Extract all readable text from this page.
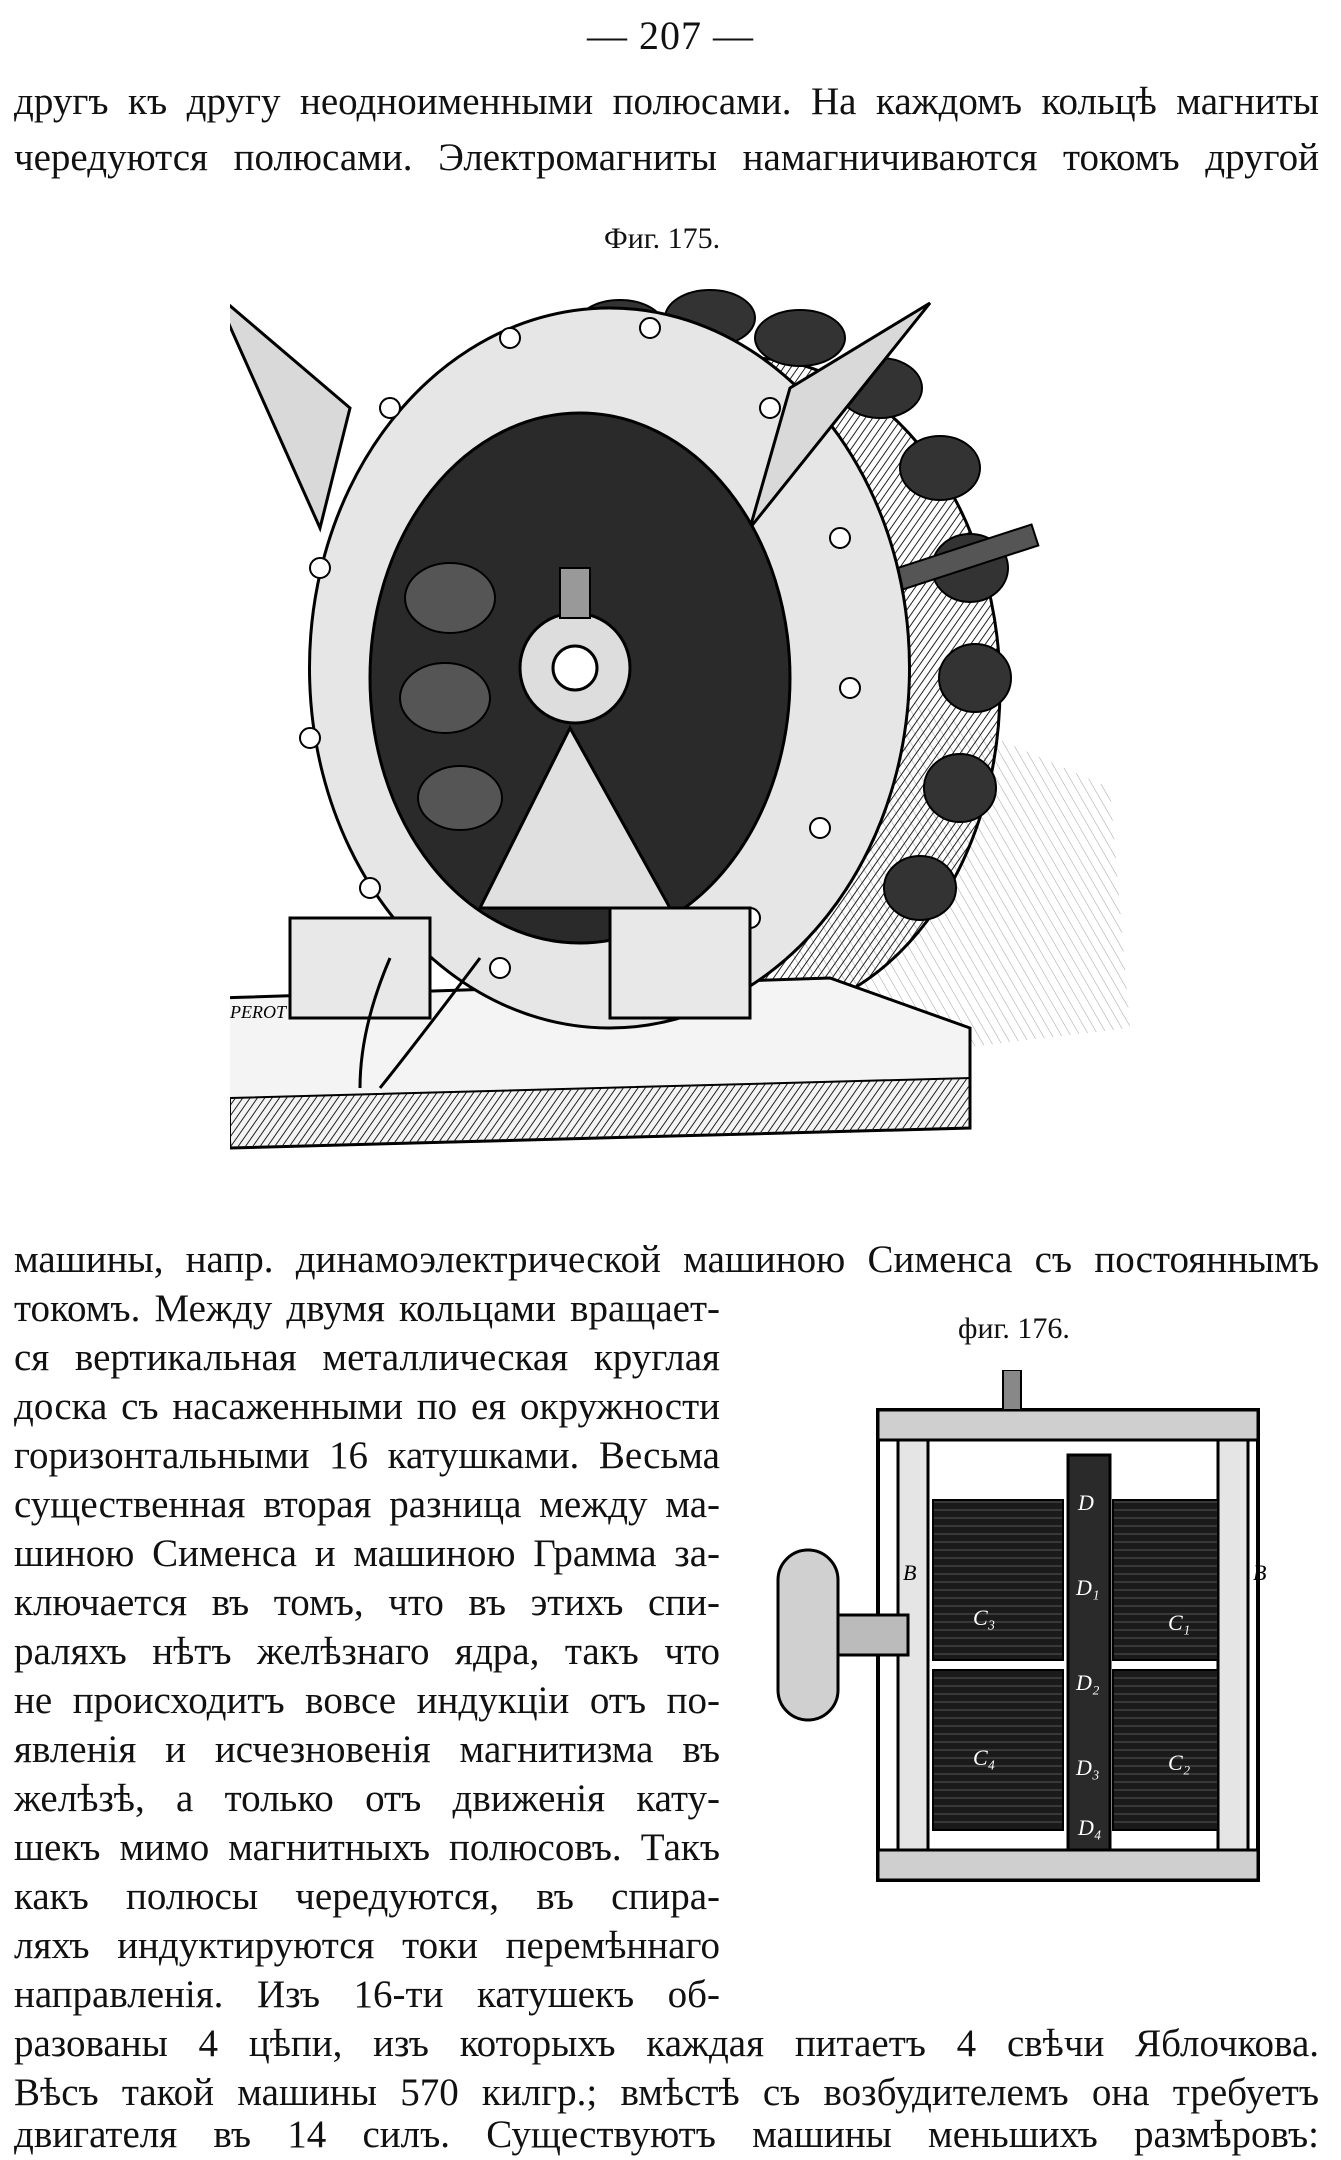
— 207 —
другъ къ другу неодноименными полюсами. На каждомъ кольцѣ магниты
чередуются полюсами. Электромагниты намагничиваются токомъ другой
Фиг. 175.
PEROT
машины, напр. динамоэлектрической машиною Сименса съ постояннымъ
токомъ. Между двумя кольцами вращает-
ся вертикальная металлическая круглая
доска съ насаженными по ея окружности
горизонтальными 16 катушками. Весьма
существенная вторая разница между ма-
шиною Сименса и машиною Грамма за-
ключается въ томъ, что въ этихъ спи-
раляхъ нѣтъ желѣзнаго ядра, такъ что
не происходитъ вовсе индукціи отъ по-
явленія и исчезновенія магнитизма въ
желѣзѣ, а только отъ движенія кату-
шекъ мимо магнитныхъ полюсовъ. Такъ
какъ полюсы чередуются, въ спира-
ляхъ индуктируются токи перемѣннаго
направленія. Изъ 16-ти катушекъ об-
разованы 4 цѣпи, изъ которыхъ каждая питаетъ 4 свѣчи Яблочкова.
Вѣсъ такой машины 570 килгр.; вмѣстѣ съ возбудителемъ она требуетъ
двигателя въ 14 силъ. Существуютъ машины меньшихъ размѣровъ:
фиг. 176.
D
D₁
D₂
D₃
D₄
C₃
C₄
C₁
C₂
B	B
